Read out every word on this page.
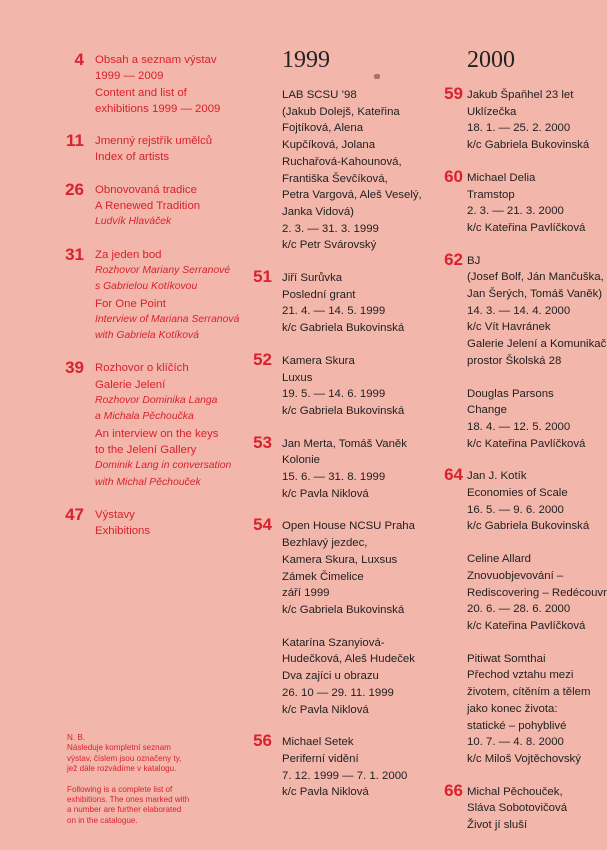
4 Obsah a seznam výstav
1999 — 2009
Content and list of
exhibitions 1999 — 2009
11 Jmenný rejstřík umělců
Index of artists
26 Obnovovaná tradice
A Renewed Tradition
Ludvík Hlaváček
31 Za jeden bod
Rozhovor Mariany Serranové
s Gabrielou Kotíkovou
For One Point
Interview of Mariana Serranová
with Gabriela Kotíková
39 Rozhovor o klíčích
Galerie Jelení
Rozhovor Dominika Langa
a Michala Pěchoučka
An interview on the keys
to the Jelení Gallery
Dominik Lang in conversation
with Michal Pěchouček
47 Výstavy
Exhibitions
N. B.
Následuje kompletní seznam
výstav, číslem jsou označeny ty,
jež dále rozvádíme v katalogu.
Following is a complete list of
exhibitions. The ones marked with
a number are further elaborated
on in the catalogue.
1999
LAB SCSU ’98
(Jakub Dolejš, Kateřina
Fojtíková, Alena
Kupčíková, Jolana
Ruchařová-Kahounová,
Františka Ševčíková,
Petra Vargová, Aleš Veselý,
Janka Vidová)
2. 3. — 31. 3. 1999
k/c Petr Svárovský
51 Jiří Surůvka
Poslední grant
21. 4. — 14. 5. 1999
k/c Gabriela Bukovinská
52 Kamera Skura
Luxus
19. 5. — 14. 6. 1999
k/c Gabriela Bukovinská
53 Jan Merta, Tomáš Vaněk
Kolonie
15. 6. — 31. 8. 1999
k/c Pavla Niklová
54 Open House NCSU Praha
Bezhlavý jezdec,
Kamera Skura, Luxsus
Zámek Čimelice
září 1999
k/c Gabriela Bukovinská
Katarína Szanyiová-
Hudečková, Aleš Hudeček
Dva zajíci u obrazu
26. 10 — 29. 11. 1999
k/c Pavla Niklová
56 Michael Setek
Periferní vidění
7. 12. 1999 — 7. 1. 2000
k/c Pavla Niklová
2000
59 Jakub Špaňhel 23 let
Uklízečka
18. 1. — 25. 2. 2000
k/c Gabriela Bukovinská
60 Michael Delia
Tramstop
2. 3. — 21. 3. 2000
k/c Kateřina Pavlíčková
62 BJ
(Josef Bolf, Ján Mančuška,
Jan Šerých, Tomáš Vaněk)
14. 3. — 14. 4. 2000
k/c Vít Havránek
Galerie Jelení a Komunikač
prostor Školská 28
Douglas Parsons
Change
18. 4. — 12. 5. 2000
k/c Kateřina Pavlíčková
64 Jan J. Kotík
Economies of Scale
16. 5. — 9. 6. 2000
k/c Gabriela Bukovinská
Celine Allard
Znovuobjevování –
Rediscovering – Redécouvr
20. 6. — 28. 6. 2000
k/c Kateřina Pavlíčková
Pitiwat Somthai
Přechod vztahu mezi
životem, cítěním a tělem
jako konec života:
statické – pohyblivé
10. 7. — 4. 8. 2000
k/c Miloš Vojtěchovský
66 Michal Pěchouček,
Sláva Sobotovičová
Život jí sluší
